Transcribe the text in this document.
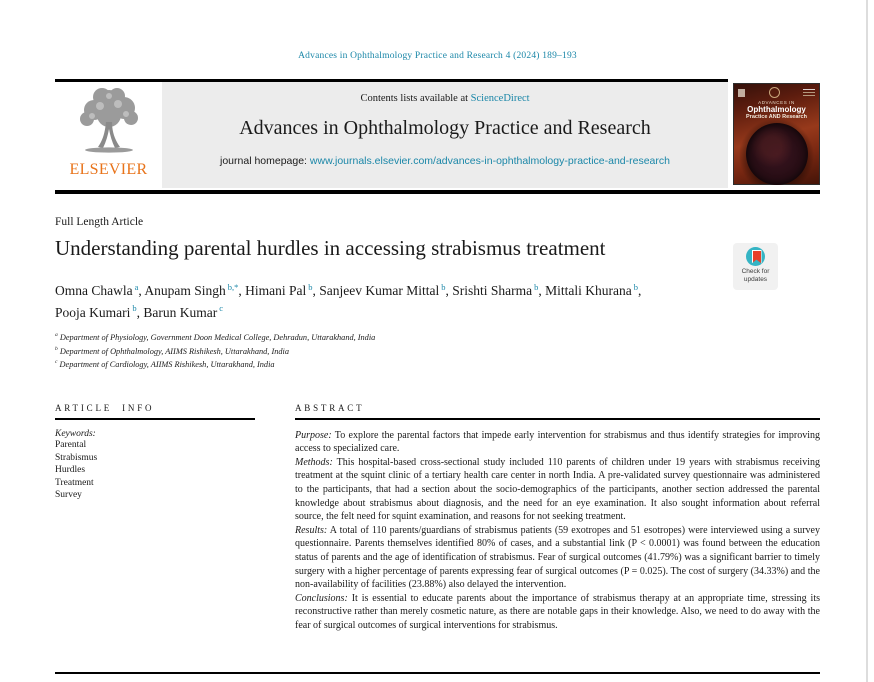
Advances in Ophthalmology Practice and Research 4 (2024) 189–193
ELSEVIER
Contents lists available at ScienceDirect
Advances in Ophthalmology Practice and Research
journal homepage: www.journals.elsevier.com/advances-in-ophthalmology-practice-and-research
ADVANCES IN
Ophthalmology
Practice AND Research
Full Length Article
Understanding parental hurdles in accessing strabismus treatment
Check for
updates
Omna Chawla $^a$ , Anupam Singh $^{b,*}$ , Himani Pal $^b$ , Sanjeev Kumar Mittal $^b$ , Srishti Sharma $^b$ , Mittali Khurana $^b$ , Pooja Kumari $^b$ , Barun Kumar $^c$
$^a$ Department of Physiology, Government Doon Medical College, Dehradun, Uttarakhand, India
$^b$ Department of Ophthalmology, AIIMS Rishikesh, Uttarakhand, India
$^c$ Department of Cardiology, AIIMS Rishikesh, Uttarakhand, India
ARTICLE INFO
Keywords:
Parental
Strabismus
Hurdles
Treatment
Survey
ABSTRACT

Purpose: To explore the parental factors that impede early intervention for strabismus and thus identify strategies for improving access to specialized care.

Methods: This hospital-based cross-sectional study included 110 parents of children under 19 years with strabismus receiving treatment at the squint clinic of a tertiary health care center in north India. A pre-validated survey questionnaire was administered to the participants, that had a section about the socio-demographics of the participants, another section addressed the parental knowledge about strabismus about diagnosis, and the need for an eye examination. It also sought information about referral source, the felt need for squint examination, and reasons for not seeking treatment.

Results: A total of 110 parents/guardians of strabismus patients (59 exotropes and 51 esotropes) were interviewed using a survey questionnaire. Parents themselves identified 80% of cases, and a substantial link (P < 0.0001) was found between the education status of parents and the age of identification of strabismus. Fear of surgical outcomes (41.79%) was a significant barrier to timely surgery with a higher percentage of parents expressing fear of surgical outcomes (P = 0.025). The cost of surgery (34.33%) and the non-availability of facilities (23.88%) also delayed the intervention.

Conclusions: It is essential to educate parents about the importance of strabismus therapy at an appropriate time, stressing its reconstructive rather than merely cosmetic nature, as there are notable gaps in their knowledge. Also, we need to do away with the fear of surgical outcomes of surgical interventions for strabismus.
